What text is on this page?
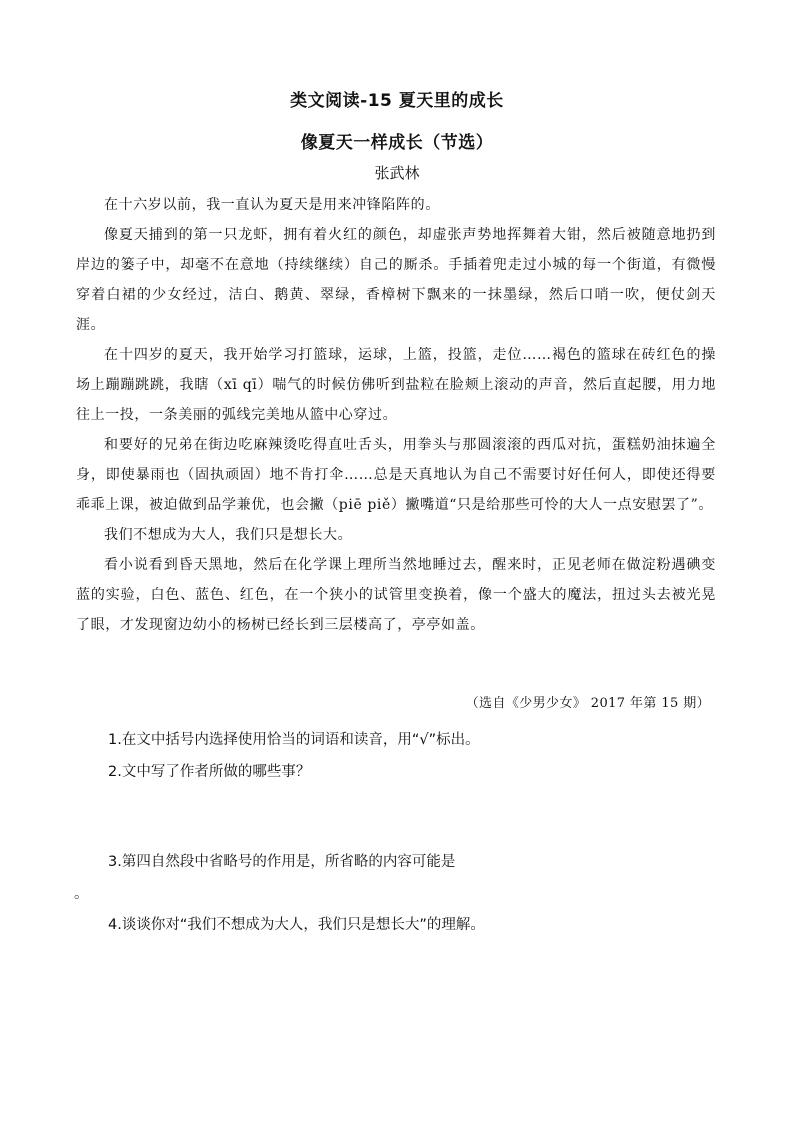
类文阅读-15 夏天里的成长
像夏天一样成长（节选）
张武林

在十六岁以前，我一直认为夏天是用来冲锋陷阵的。

像夏天捕到的第一只龙虾，拥有着火红的颜色，却虚张声势地挥舞着大钳，然后被随意地扔到岸边的篓子中，却毫不在意地（持续继续）自己的厮杀。手插着兜走过小城的每一个街道，有微慢穿着白裙的少女经过，洁白、鹅黄、翠绿，香樟树下飘来的一抹墨绿，然后口哨一吹，便仗剑天涯。

在十四岁的夏天，我开始学习打篮球，运球，上篮，投篮，走位……褐色的篮球在砖红色的操场上蹦蹦跳跳，我瞎（xī qī）喘气的时候仿佛听到盐粒在脸颊上滚动的声音，然后直起腰，用力地往上一投，一条美丽的弧线完美地从篮中心穿过。

和要好的兄弟在街边吃麻辣烫吃得直吐舌头，用拳头与那圆滚滚的西瓜对抗，蛋糕奶油抹遍全身，即使暴雨也（固执顽固）地不肯打伞……总是天真地认为自己不需要讨好任何人，即使还得要乖乖上课，被迫做到品学兼优，也会撇（piē piě）撇嘴道“只是给那些可怜的大人一点安慰罢了”。

我们不想成为大人，我们只是想长大。

看小说看到昏天黑地，然后在化学课上理所当然地睡过去，醒来时，正见老师在做淀粉遇碘变蓝的实验，白色、蓝色、红色，在一个狭小的试管里变换着，像一个盛大的魔法，扭过头去被光晃了眼，才发现窗边幼小的杨树已经长到三层楼高了，亭亭如盖。

（选自《少男少女》 2017 年第 15 期）
1.在文中括号内选择使用恰当的词语和读音，用“√”标出。
2.文中写了作者所做的哪些事？
3.第四自然段中省略号的作用是，所省略的内容可能是
。
4.谈谈你对“我们不想成为大人，我们只是想长大”的理解。
